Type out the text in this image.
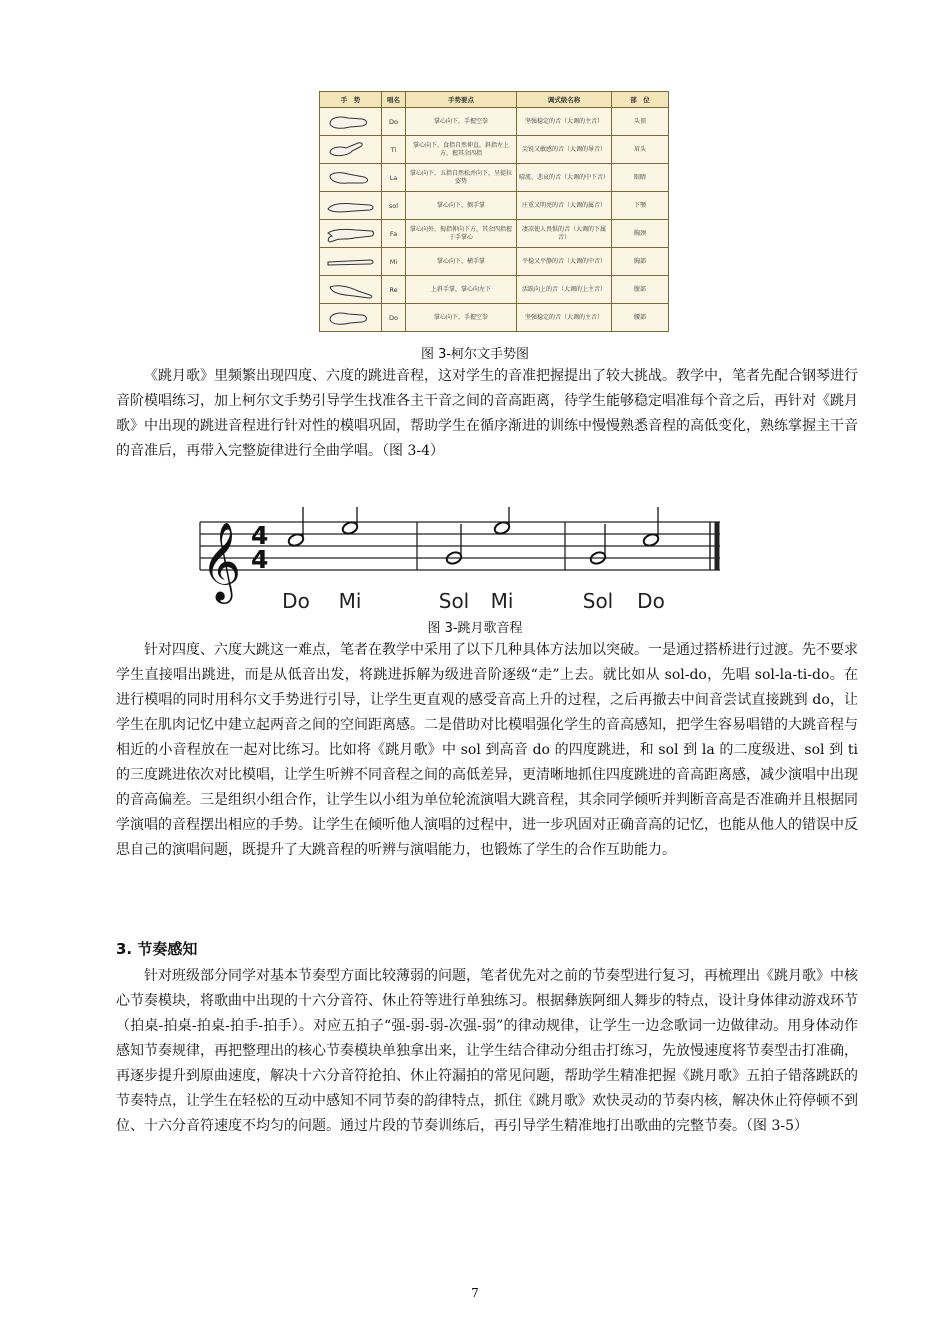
手　势	唱名	手势要点	调式级名称	部　位

	Do	掌心向下，手握空拳	坚强稳定的音（大调的主音）	头顶

	Ti	掌心向下，食指自然伸直，斜指左上方，握其余四指	尖锐又敏感的音（大调的导音）	眉头

	La	掌心向下，五指自然松并向下，呈提拉姿势	晴流、悲哀的音（大调的中下音）	眼睛

	sol	掌心向下，侧手掌	庄重又明亮的音（大调的属音）	下颚

	Fa	掌心向外，拇指伸向下方，其余四指握于手掌心	凄凉使人畏惧的音（大调的下属音）	胸颈

	Mi	掌心向下，横手掌	平稳又平静的音（大调的中音）	胸部

	Re	上斜手掌，掌心向左下	活跃向上的音（大调的上主音）	腹部

	Do	掌心向下，手握空拳	坚强稳定的音（大调的主音）	腰部
图 3-柯尔文手势图

《跳月歌》里频繁出现四度、六度的跳进音程，这对学生的音准把握提出了较大挑战。教学中，笔者先配合钢琴进行音阶模唱练习，加上柯尔文手势引导学生找准各主干音之间的音高距离，待学生能够稳定唱准每个音之后，再针对《跳月歌》中出现的跳进音程进行针对性的模唱巩固，帮助学生在循序渐进的训练中慢慢熟悉音程的高低变化，熟练掌握主干音的音准后，再带入完整旋律进行全曲学唱。（图 3-4）

𝄞 4
4
Do Mi	Sol Mi	Sol Do
图 3-跳月歌音程

针对四度、六度大跳这一难点，笔者在教学中采用了以下几种具体方法加以突破。一是通过搭桥进行过渡。先不要求学生直接唱出跳进，而是从低音出发，将跳进拆解为级进音阶逐级“走”上去。就比如从 sol-do，先唱 sol-la-ti-do。在进行模唱的同时用科尔文手势进行引导，让学生更直观的感受音高上升的过程，之后再撤去中间音尝试直接跳到 do，让学生在肌肉记忆中建立起两音之间的空间距离感。二是借助对比模唱强化学生的音高感知，把学生容易唱错的大跳音程与相近的小音程放在一起对比练习。比如将《跳月歌》中 sol 到高音 do 的四度跳进，和 sol 到 la 的二度级进、sol 到 ti 的三度跳进依次对比模唱，让学生听辨不同音程之间的高低差异，更清晰地抓住四度跳进的音高距离感，减少演唱中出现的音高偏差。三是组织小组合作，让学生以小组为单位轮流演唱大跳音程，其余同学倾听并判断音高是否准确并且根据同学演唱的音程摆出相应的手势。让学生在倾听他人演唱的过程中，进一步巩固对正确音高的记忆，也能从他人的错误中反思自己的演唱问题，既提升了大跳音程的听辨与演唱能力，也锻炼了学生的合作互助能力。

3. 节奏感知

针对班级部分同学对基本节奏型方面比较薄弱的问题，笔者优先对之前的节奏型进行复习，再梳理出《跳月歌》中核心节奏模块，将歌曲中出现的十六分音符、休止符等进行单独练习。根据彝族阿细人舞步的特点，设计身体律动游戏环节（拍桌-拍桌-拍桌-拍手-拍手）。对应五拍子“强-弱-弱-次强-弱”的律动规律，让学生一边念歌词一边做律动。用身体动作感知节奏规律，再把整理出的核心节奏模块单独拿出来，让学生结合律动分组击打练习，先放慢速度将节奏型击打准确，再逐步提升到原曲速度，解决十六分音符抢拍、休止符漏拍的常见问题，帮助学生精准把握《跳月歌》五拍子错落跳跃的节奏特点，让学生在轻松的互动中感知不同节奏的韵律特点，抓住《跳月歌》欢快灵动的节奏内核，解决休止符停顿不到位、十六分音符速度不均匀的问题。通过片段的节奏训练后，再引导学生精准地打出歌曲的完整节奏。（图 3-5）

7
